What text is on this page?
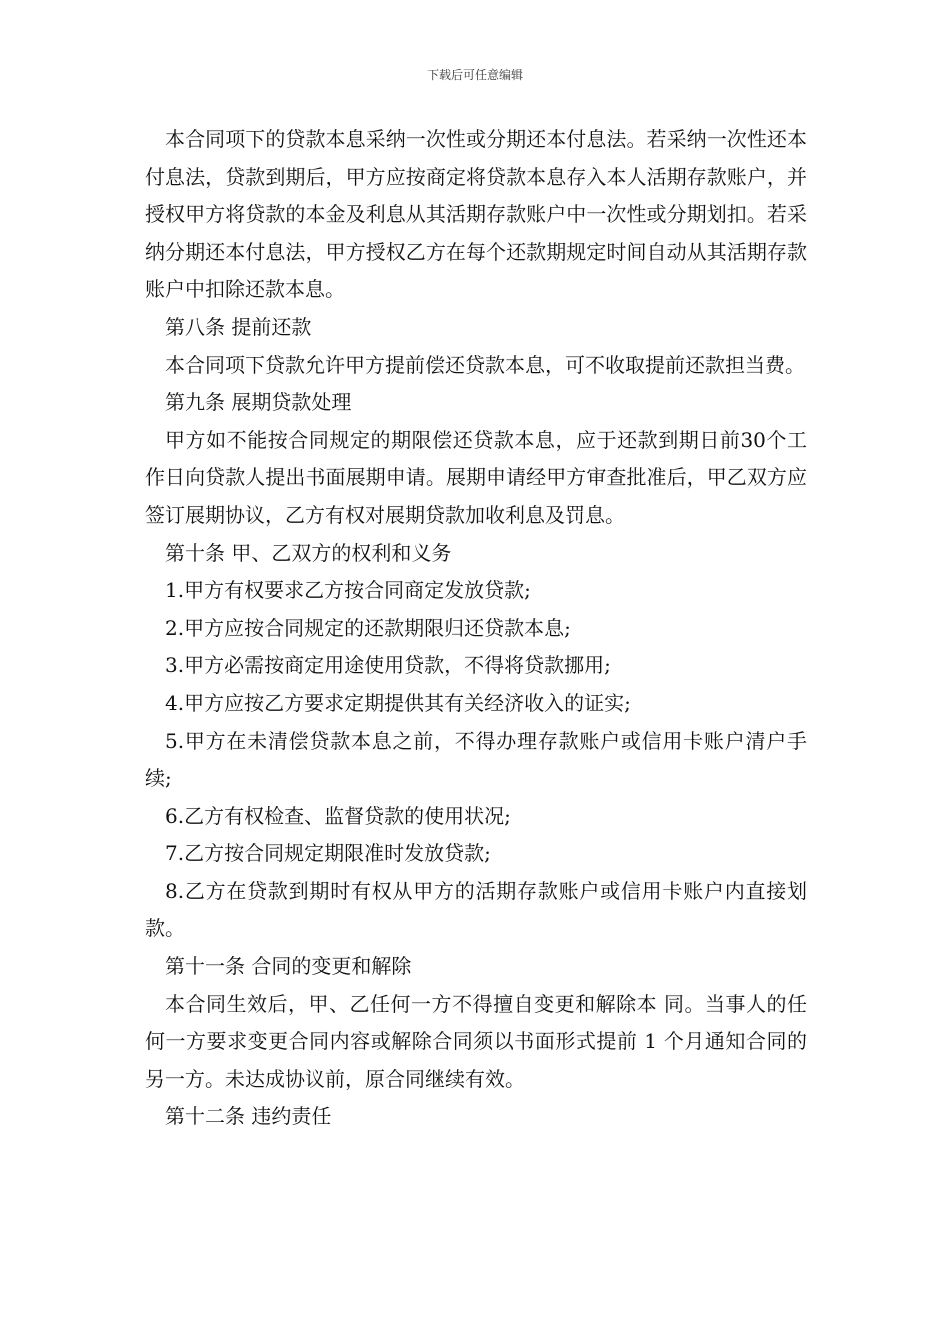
下载后可任意编辑

本合同项下的贷款本息采纳一次性或分期还本付息法。若采纳一次性还本付息法，贷款到期后，甲方应按商定将贷款本息存入本人活期存款账户，并授权甲方将贷款的本金及利息从其活期存款账户中一次性或分期划扣。若采纳分期还本付息法，甲方授权乙方在每个还款期规定时间自动从其活期存款账户中扣除还款本息。

第八条 提前还款

本合同项下贷款允许甲方提前偿还贷款本息，可不收取提前还款担当费。

第九条 展期贷款处理

甲方如不能按合同规定的期限偿还贷款本息，应于还款到期日前30个工作日向贷款人提出书面展期申请。展期申请经甲方审查批准后，甲乙双方应签订展期协议，乙方有权对展期贷款加收利息及罚息。

第十条 甲、乙双方的权利和义务

1.甲方有权要求乙方按合同商定发放贷款;

2.甲方应按合同规定的还款期限归还贷款本息;

3.甲方必需按商定用途使用贷款，不得将贷款挪用;

4.甲方应按乙方要求定期提供其有关经济收入的证实;

5.甲方在未清偿贷款本息之前，不得办理存款账户或信用卡账户清户手续;

6.乙方有权检查、监督贷款的使用状况;

7.乙方按合同规定期限准时发放贷款;

8.乙方在贷款到期时有权从甲方的活期存款账户或信用卡账户内直接划款。

第十一条 合同的变更和解除

本合同生效后，甲、乙任何一方不得擅自变更和解除本 同。当事人的任何一方要求变更合同内容或解除合同须以书面形式提前 1 个月通知合同的另一方。未达成协议前，原合同继续有效。

第十二条 违约责任
